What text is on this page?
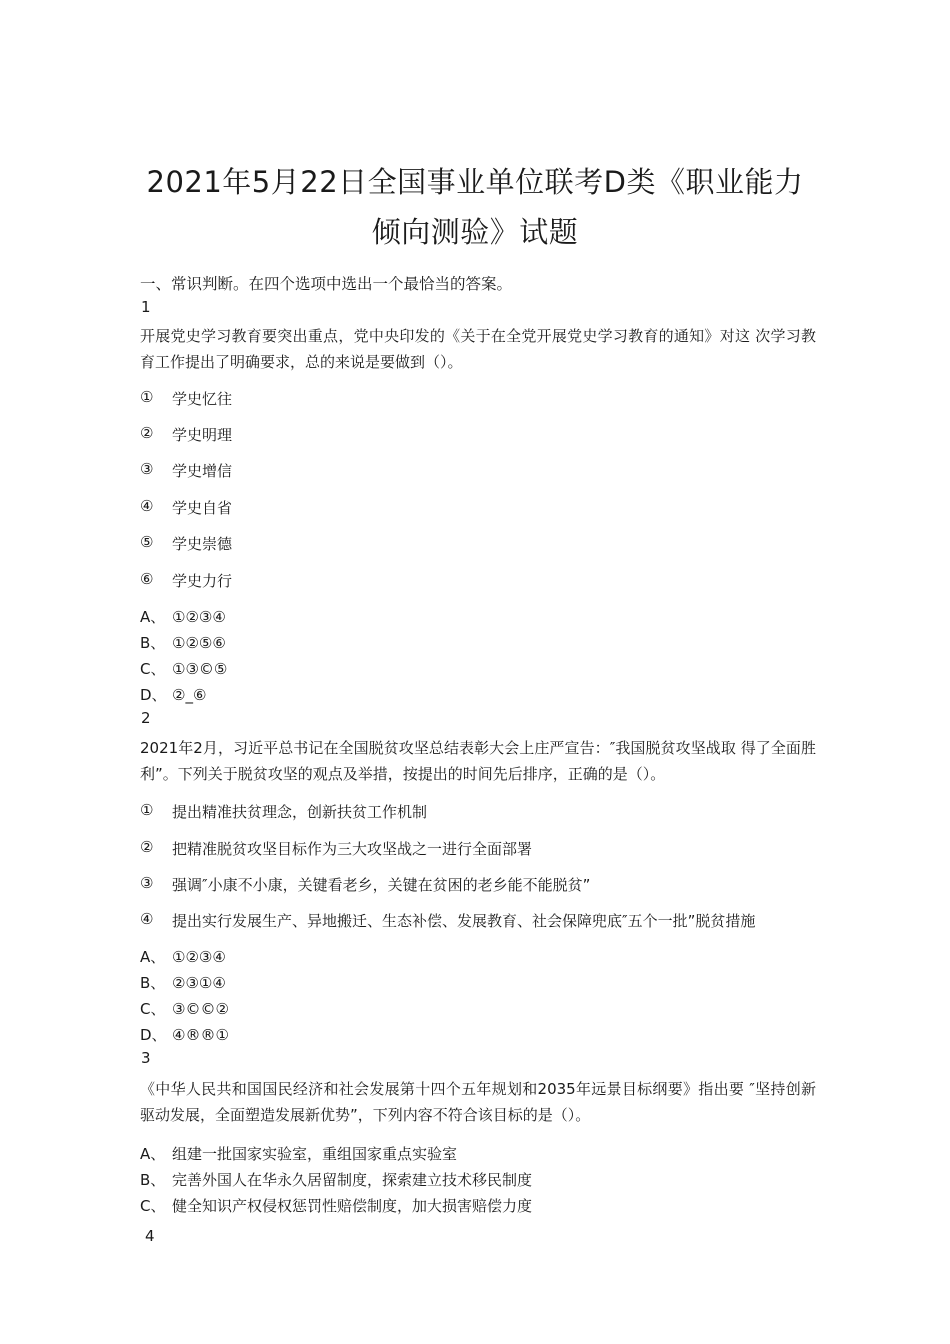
2021年5月22日全国事业单位联考D类《职业能力
倾向测验》试题
一、常识判断。在四个选项中选出一个最恰当的答案。
1
开展党史学习教育要突出重点，党中央印发的《关于在全党开展党史学习教育的通知》对这 次学习教育工作提出了明确要求，总的来说是要做到（）。
① 学史忆往
② 学史明理
③ 学史增信
④ 学史自省
⑤ 学史崇德
⑥ 学史力行
A、 ①②③④
B、 ①②⑤⑥
C、 ①③©⑤
D、 ②_⑥
2
2021年2月，习近平总书记在全国脱贫攻坚总结表彰大会上庄严宣告：″我国脱贫攻坚战取 得了全面胜利”。下列关于脱贫攻坚的观点及举措，按提出的时间先后排序，正确的是（）。
① 提出精准扶贫理念，创新扶贫工作机制
② 把精准脱贫攻坚目标作为三大攻坚战之一进行全面部署
③ 强调″小康不小康，关键看老乡，关键在贫困的老乡能不能脱贫”
④ 提出实行发展生产、异地搬迁、生态补偿、发展教育、社会保障兜底″五个一批”脱贫措施
A、 ①②③④
B、 ②③①④
C、 ③©©②
D、 ④®®①
3
《中华人民共和国国民经济和社会发展第十四个五年规划和2035年远景目标纲要》指出要 ″坚持创新驱动发展，全面塑造发展新优势”，下列内容不符合该目标的是（）。
A、 组建一批国家实验室，重组国家重点实验室
B、 完善外国人在华永久居留制度，探索建立技术移民制度
C、 健全知识产权侵权惩罚性赔偿制度，加大损害赔偿力度
4
